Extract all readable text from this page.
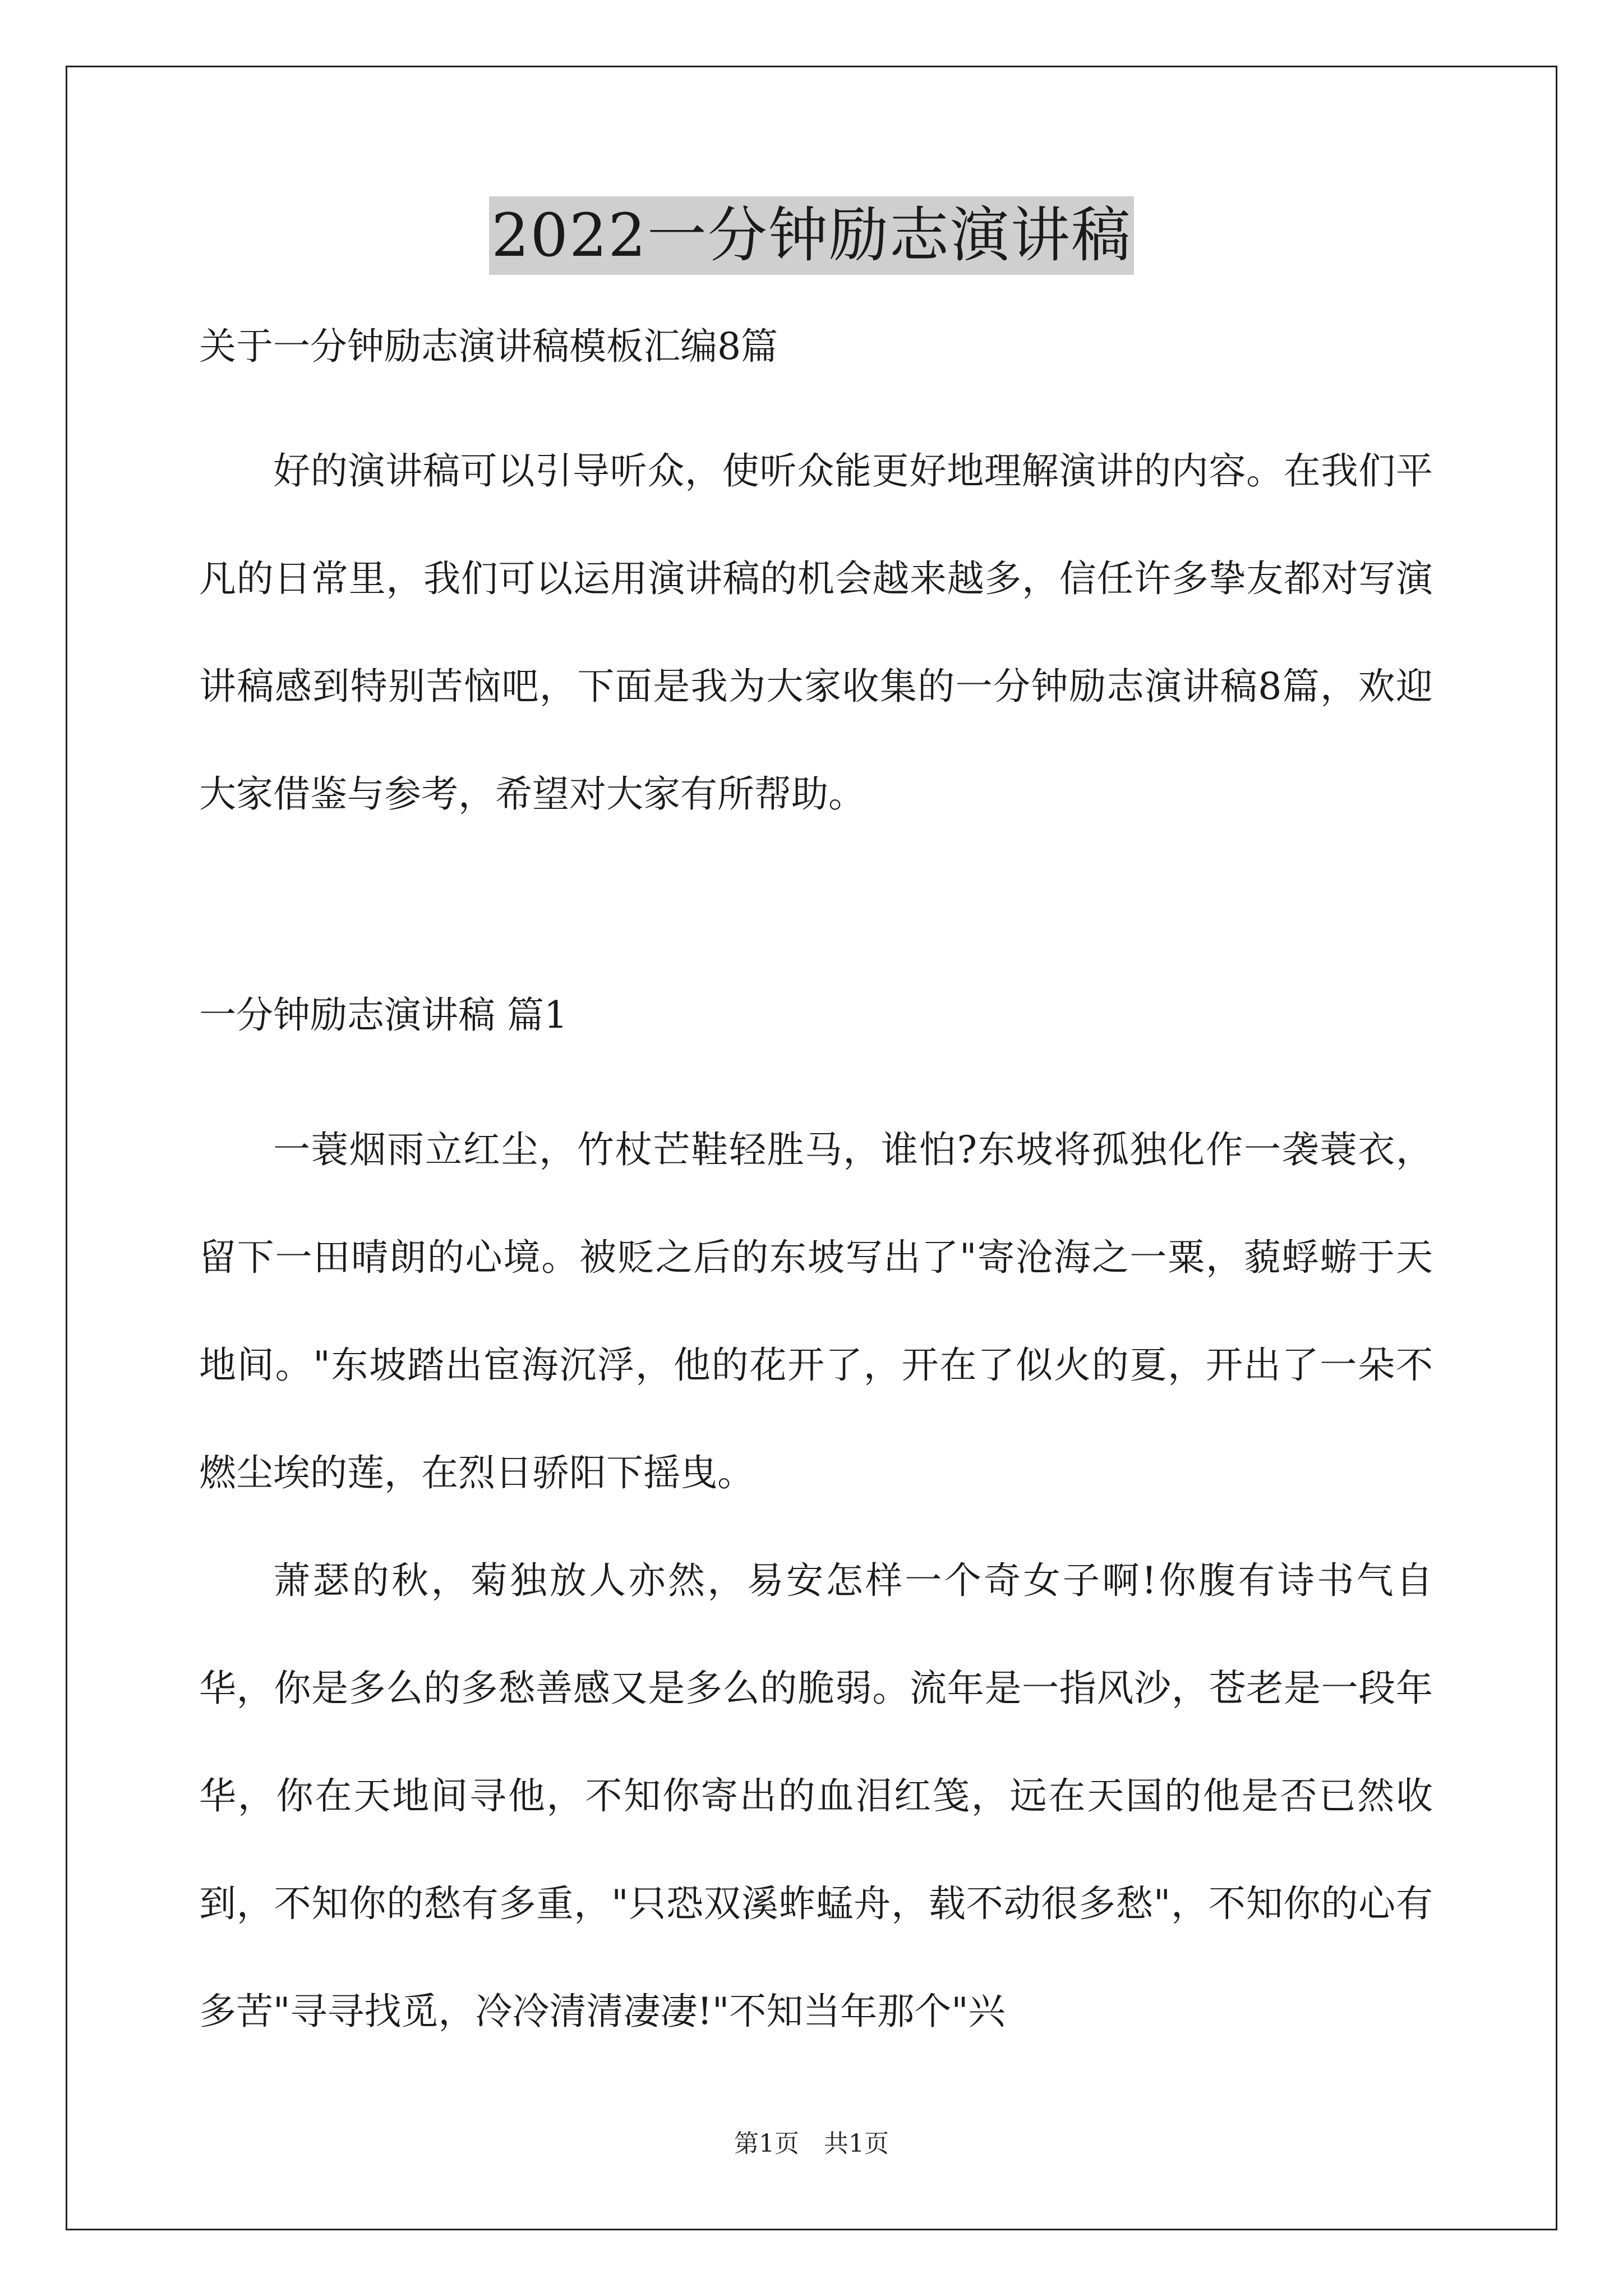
2022一分钟励志演讲稿
关于一分钟励志演讲稿模板汇编8篇

好的演讲稿可以引导听众，使听众能更好地理解演讲的内容。在我们平凡的日常里，我们可以运用演讲稿的机会越来越多，信任许多挚友都对写演讲稿感到特别苦恼吧，下面是我为大家收集的一分钟励志演讲稿8篇，欢迎大家借鉴与参考，希望对大家有所帮助。

一分钟励志演讲稿 篇1

一蓑烟雨立红尘，竹杖芒鞋轻胜马，谁怕?东坡将孤独化作一袭蓑衣，留下一田晴朗的心境。被贬之后的东坡写出了"寄沧海之一粟，藐蜉蝣于天地间。"东坡踏出宦海沉浮，他的花开了，开在了似火的夏，开出了一朵不燃尘埃的莲，在烈日骄阳下摇曳。

萧瑟的秋，菊独放人亦然，易安怎样一个奇女子啊!你腹有诗书气自华，你是多么的多愁善感又是多么的脆弱。流年是一指风沙，苍老是一段年华，你在天地间寻他，不知你寄出的血泪红笺，远在天国的他是否已然收到，不知你的愁有多重，"只恐双溪蚱蜢舟，载不动很多愁"，不知你的心有多苦"寻寻找觅，冷冷清清凄凄!"不知当年那个"兴

第1页　共1页
